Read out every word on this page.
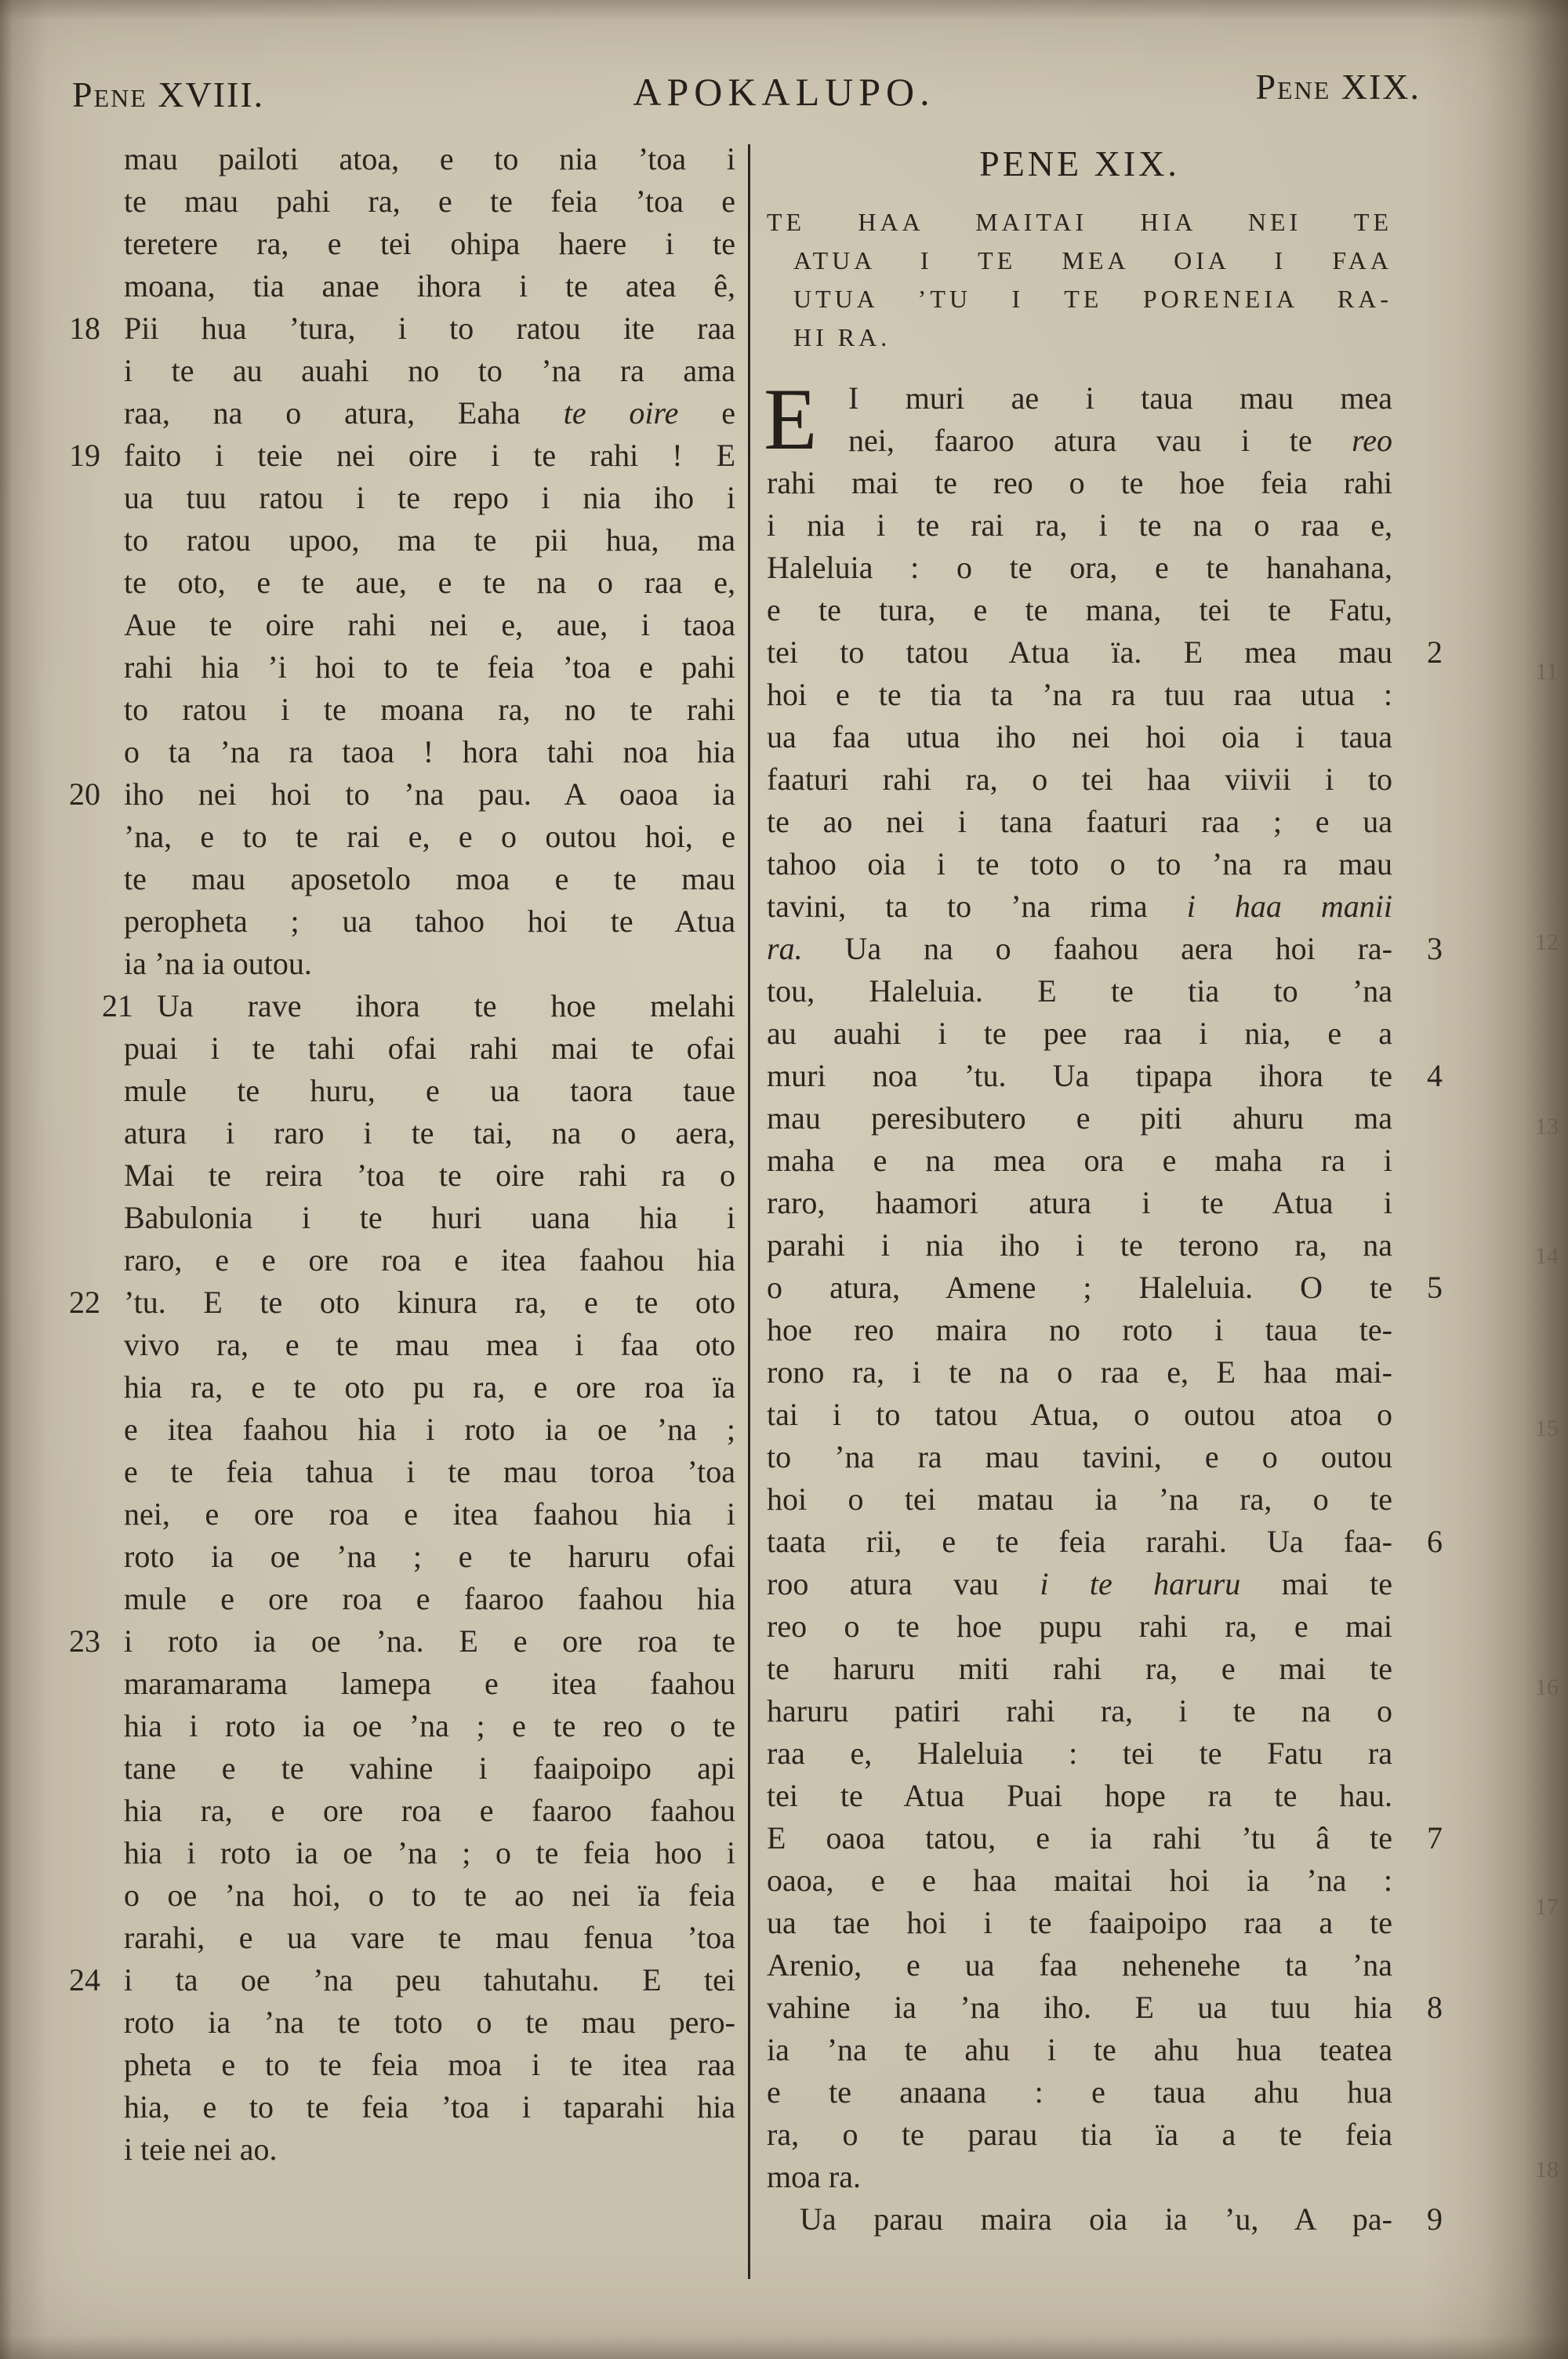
Pene XVIII.	APOKALUPO.	Pene XIX.
mau pailoti atoa, e to nia ’toa i
te mau pahi ra, e te feia ’toa e
teretere ra, e tei ohipa haere i te
moana, tia anae ihora i te atea ê,
Pii hua ’tura, i to ratou ite raa
18
i te au auahi no to ’na ra ama
raa, na o atura, Eaha te oire e
faito i teie nei oire i te rahi ! E
19
ua tuu ratou i te repo i nia iho i
to ratou upoo, ma te pii hua, ma
te oto, e te aue, e te na o raa e,
Aue te oire rahi nei e, aue, i taoa
rahi hia ’i hoi to te feia ’toa e pahi
to ratou i te moana ra, no te rahi
o ta ’na ra taoa ! hora tahi noa hia
iho nei hoi to ’na pau. A oaoa ia
20
’na, e to te rai e, e o outou hoi, e
te mau aposetolo moa e te mau
peropheta ; ua tahoo hoi te Atua
ia ’na ia outou.
Ua rave ihora te hoe melahi
21
puai i te tahi ofai rahi mai te ofai
mule te huru, e ua taora taue
atura i raro i te tai, na o aera,
Mai te reira ’toa te oire rahi ra o
Babulonia i te huri uana hia i
raro, e e ore roa e itea faahou hia
’tu. E te oto kinura ra, e te oto
22
vivo ra, e te mau mea i faa oto
hia ra, e te oto pu ra, e ore roa ïa
e itea faahou hia i roto ia oe ’na ;
e te feia tahua i te mau toroa ’toa
nei, e ore roa e itea faahou hia i
roto ia oe ’na ; e te haruru ofai
mule e ore roa e faaroo faahou hia
i roto ia oe ’na. E e ore roa te
23
maramarama lamepa e itea faahou
hia i roto ia oe ’na ; e te reo o te
tane e te vahine i faaipoipo api
hia ra, e ore roa e faaroo faahou
hia i roto ia oe ’na ; o te feia hoo i
o oe ’na hoi, o to te ao nei ïa feia
rarahi, e ua vare te mau fenua ’toa
i ta oe ’na peu tahutahu. E tei
24
roto ia ’na te toto o te mau pero-
pheta e to te feia moa i te itea raa
hia, e to te feia ’toa i taparahi hia
i teie nei ao.
PENE XIX.
TE HAA MAITAI HIA NEI TE
ATUA I TE MEA OIA I FAA
UTUA ’TU I TE PORENEIA RA-
HI RA.
E I muri ae i taua mau mea
nei, faaroo atura vau i te reo
rahi mai te reo o te hoe feia rahi
i nia i te rai ra, i te na o raa e,
Haleluia : o te ora, e te hanahana,
e te tura, e te mana, tei te Fatu,
tei to tatou Atua ïa. E mea mau 2
hoi e te tia ta ’na ra tuu raa utua :
ua faa utua iho nei hoi oia i taua
faaturi rahi ra, o tei haa viivii i to
te ao nei i tana faaturi raa ; e ua
tahoo oia i te toto o to ’na ra mau
tavini, ta to ’na rima i haa manii
ra. Ua na o faahou aera hoi ra- 3
tou, Haleluia. E te tia to ’na
au auahi i te pee raa i nia, e a
muri noa ’tu. Ua tipapa ihora te 4
mau peresibutero e piti ahuru ma
maha e na mea ora e maha ra i
raro, haamori atura i te Atua i
parahi i nia iho i te terono ra, na
o atura, Amene ; Haleluia. O te 5
hoe reo maira no roto i taua te-
rono ra, i te na o raa e, E haa mai-
tai i to tatou Atua, o outou atoa o
to ’na ra mau tavini, e o outou
hoi o tei matau ia ’na ra, o te
taata rii, e te feia rarahi. Ua faa- 6
roo atura vau i te haruru mai te
reo o te hoe pupu rahi ra, e mai
te haruru miti rahi ra, e mai te
haruru patiri rahi ra, i te na o
raa e, Haleluia : tei te Fatu ra
tei te Atua Puai hope ra te hau.
E oaoa tatou, e ia rahi ’tu â te 7
oaoa, e e haa maitai hoi ia ’na :
ua tae hoi i te faaipoipo raa a te
Arenio, e ua faa nehenehe ta ’na
vahine ia ’na iho. E ua tuu hia 8
ia ’na te ahu i te ahu hua teatea
e te anaana : e taua ahu hua
ra, o te parau tia ïa a te feia
moa ra.
Ua parau maira oia ia ’u, A pa-	9
11
12
13
14
15
16
17
18
